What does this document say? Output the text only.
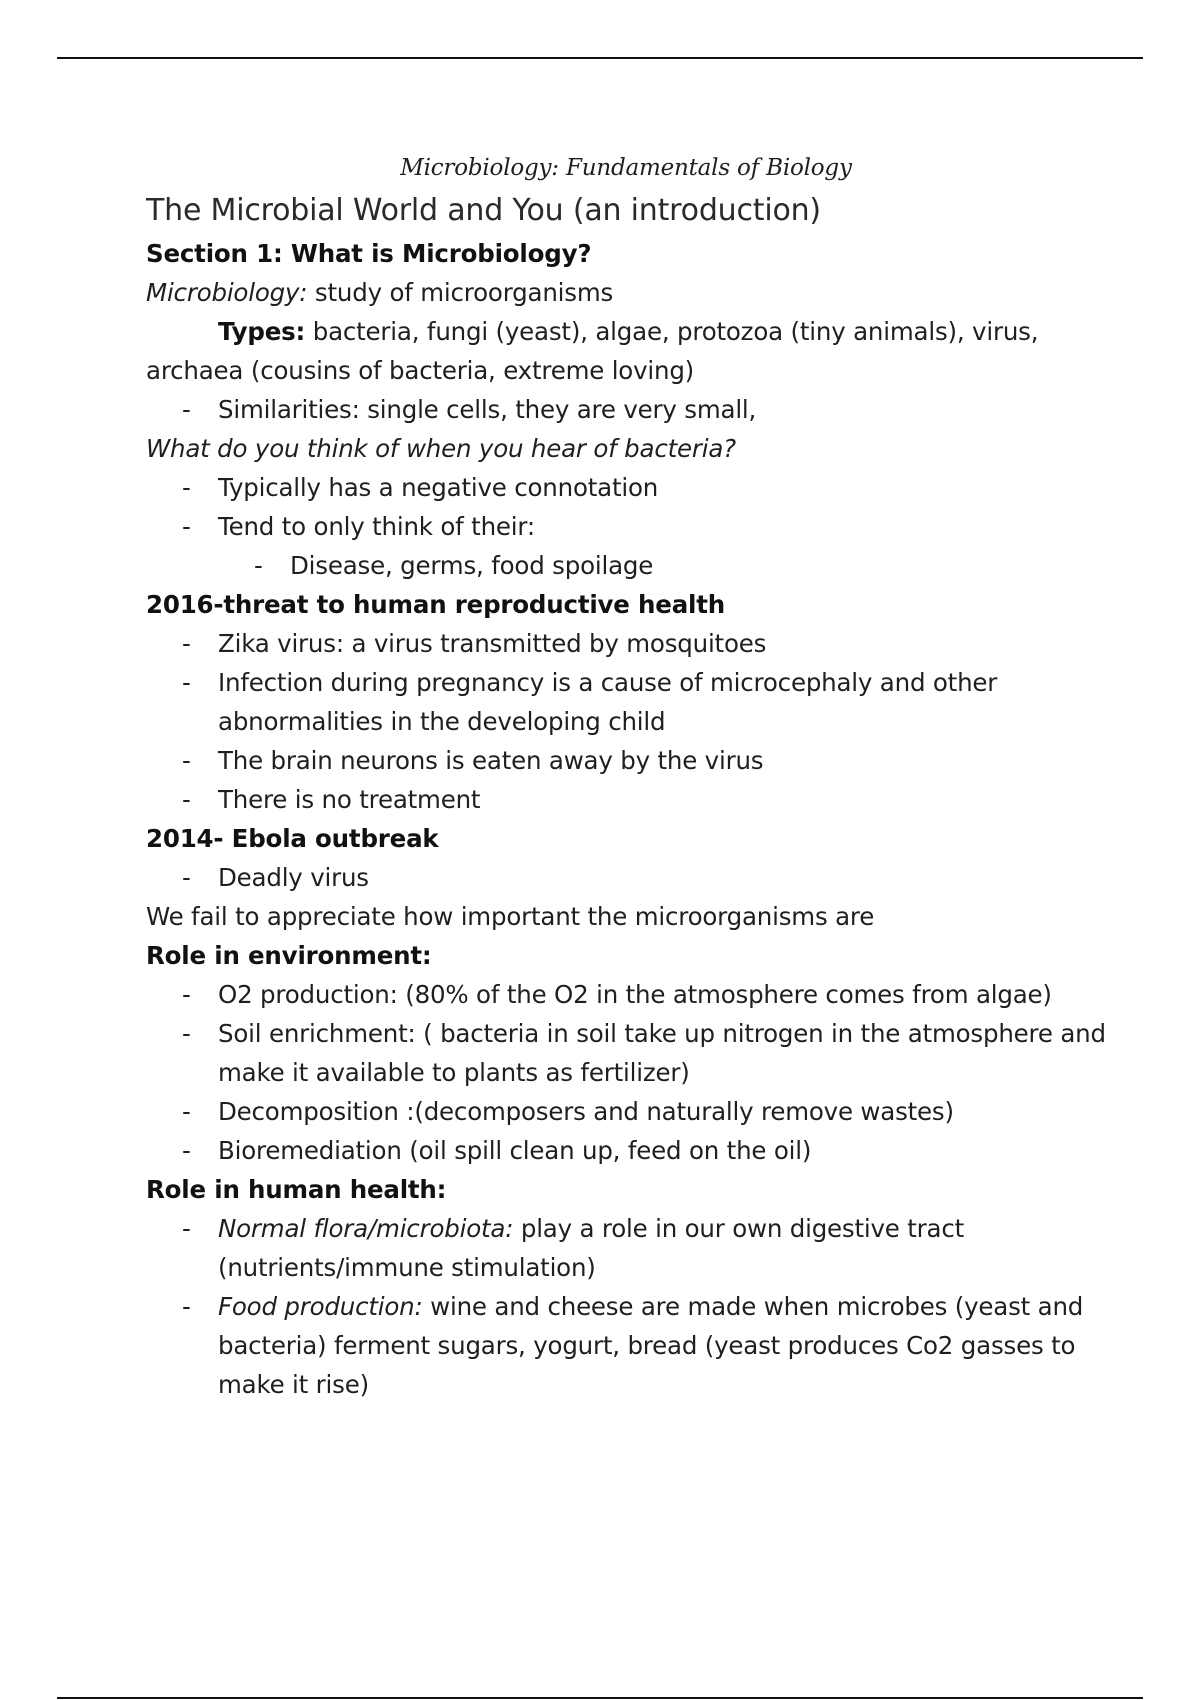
Microbiology: Fundamentals of Biology
The Microbial World and You (an introduction)
Section 1: What is Microbiology?
Microbiology: study of microorganisms
Types: bacteria, fungi (yeast), algae, protozoa (tiny animals), virus,
archaea (cousins of bacteria, extreme loving)
- Similarities: single cells, they are very small,
What do you think of when you hear of bacteria?
- Typically has a negative connotation
- Tend to only think of their:
- Disease, germs, food spoilage
2016-threat to human reproductive health
- Zika virus: a virus transmitted by mosquitoes
- Infection during pregnancy is a cause of microcephaly and other abnormalities in the developing child
- The brain neurons is eaten away by the virus
- There is no treatment
2014- Ebola outbreak
- Deadly virus
We fail to appreciate how important the microorganisms are
Role in environment:
- O2 production: (80% of the O2 in the atmosphere comes from algae)
- Soil enrichment: ( bacteria in soil take up nitrogen in the atmosphere and make it available to plants as fertilizer)
- Decomposition :(decomposers and naturally remove wastes)
- Bioremediation (oil spill clean up, feed on the oil)
Role in human health:
- Normal flora/microbiota: play a role in our own digestive tract (nutrients/immune stimulation)
- Food production: wine and cheese are made when microbes (yeast and bacteria) ferment sugars, yogurt, bread (yeast produces Co2 gasses to make it rise)
